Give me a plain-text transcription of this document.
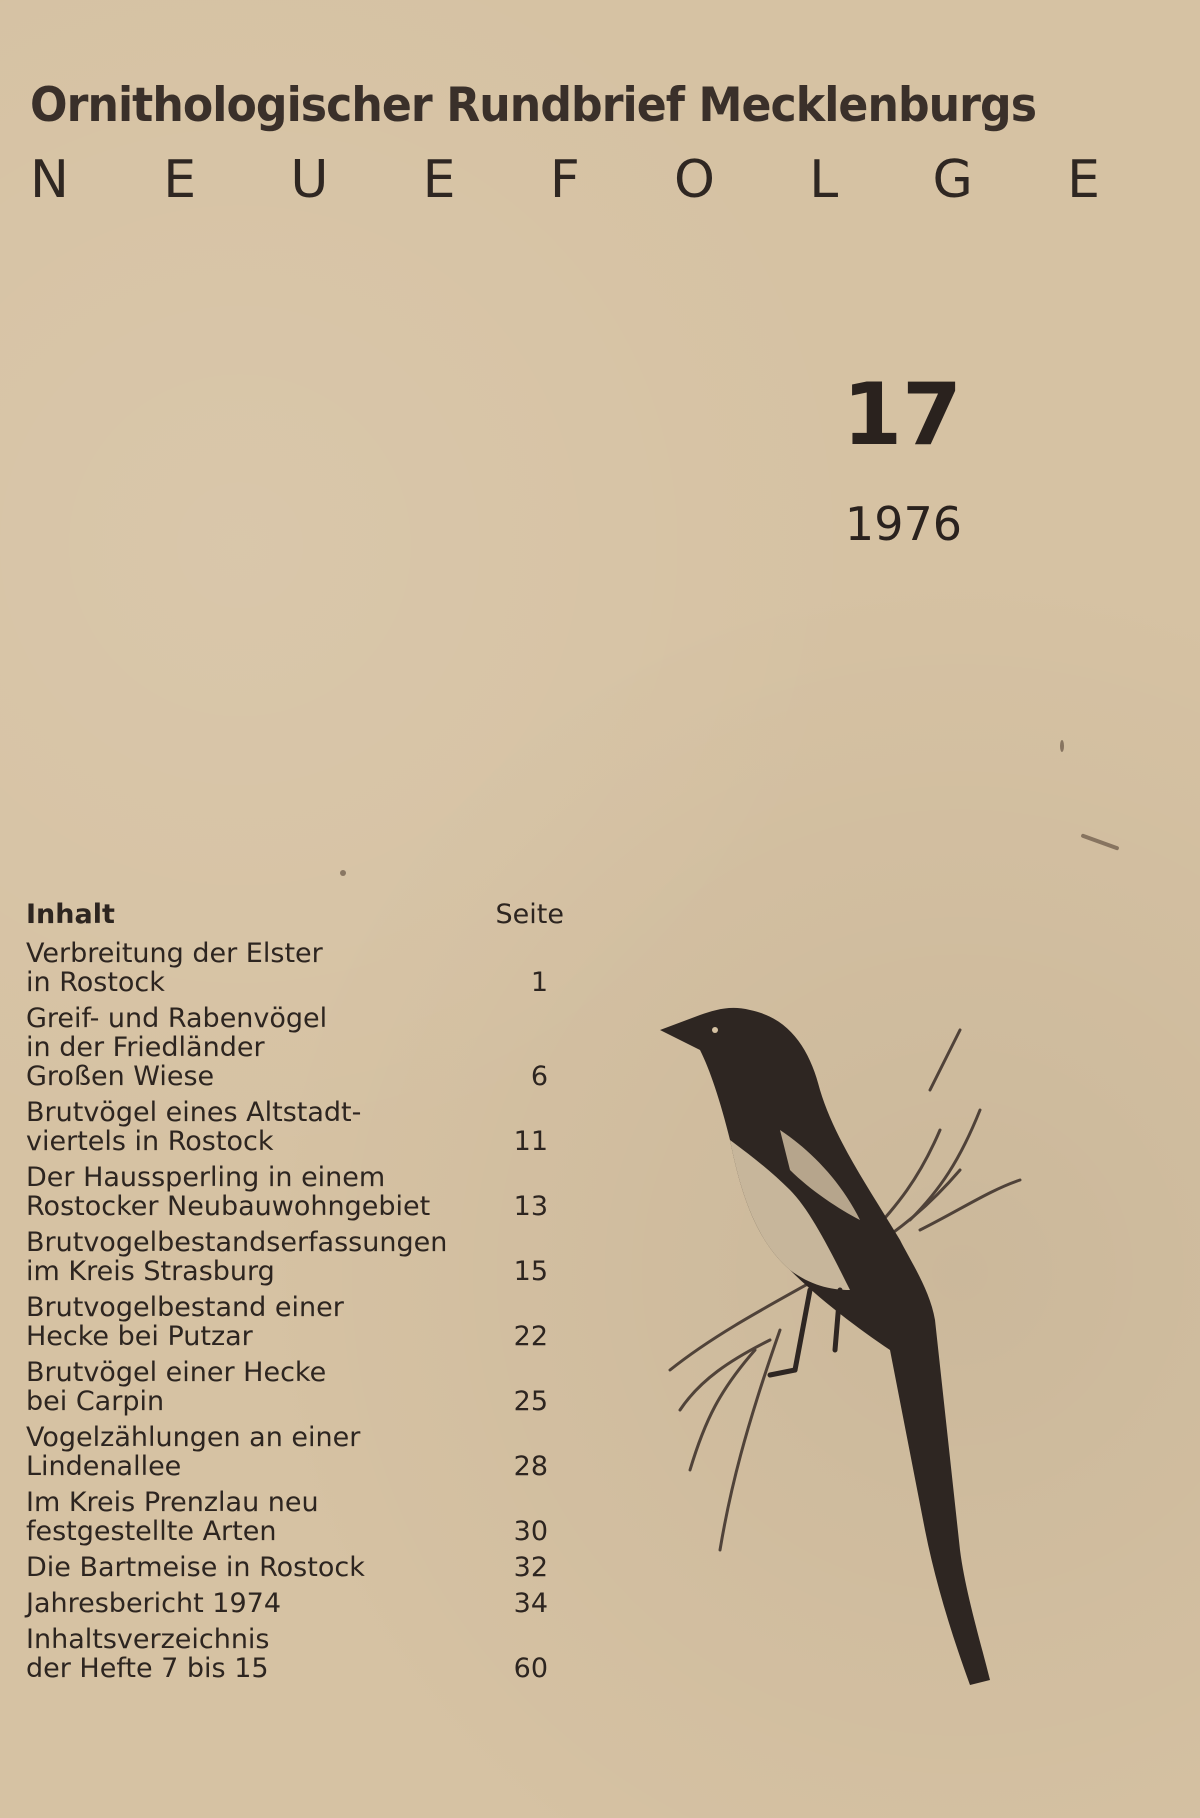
Ornithologischer Rundbrief Mecklenburgs
N E U E F O L G E
17
1976
Inhalt	Seite
Verbreitung der Elster
in Rostock	1
Greif- und Rabenvögel
in der Friedländer
Großen Wiese	6
Brutvögel eines Altstadt-
viertels in Rostock	11
Der Haussperling in einem
Rostocker Neubauwohngebiet	13
Brutvogelbestandserfassungen
im Kreis Strasburg	15
Brutvogelbestand einer
Hecke bei Putzar	22
Brutvögel einer Hecke
bei Carpin	25
Vogelzählungen an einer
Lindenallee	28
Im Kreis Prenzlau neu
festgestellte Arten	30
Die Bartmeise in Rostock	32
Jahresbericht 1974	34
Inhaltsverzeichnis
der Hefte 7 bis 15	60
